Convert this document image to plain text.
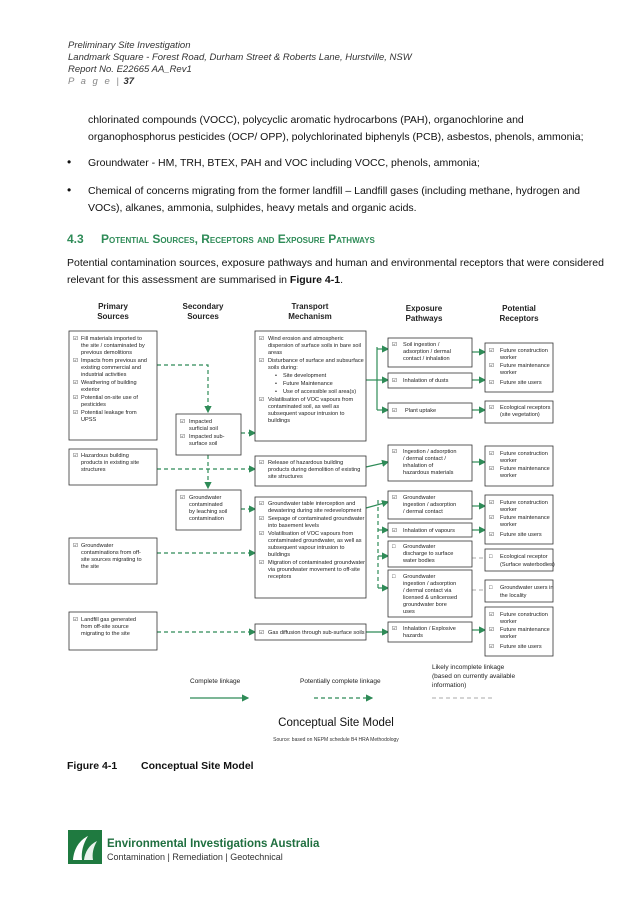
Preliminary Site Investigation
Landmark Square - Forest Road, Durham Street & Roberts Lane, Hurstville, NSW
Report No. E22665 AA_Rev1
P a g e | 37
chlorinated compounds (VOCC), polycyclic aromatic hydrocarbons (PAH), organochlorine and
organophosphorus pesticides (OCP/ OPP), polychlorinated biphenyls (PCB), asbestos, phenols, ammonia;
• Groundwater - HM, TRH, BTEX, PAH and VOC including VOCC, phenols, ammonia;
• Chemical of concerns migrating from the former landfill – Landfill gases (including methane, hydrogen and
VOCs), alkanes, ammonia, sulphides, heavy metals and organic acids.
4.3 Potential Sources, Receptors and Exposure Pathways
Potential contamination sources, exposure pathways and human and environmental receptors that were considered
relevant for this assessment are summarised in Figure 4-1.
Primary
Sources
Secondary
Sources
Transport
Mechanism
Exposure
Pathways
Potential
Receptors
☑ Fill materials imported to
the site / contaminated by
previous demolitions
☑ Impacts from previous and
existing commercial and
industrial activities
☑ Weathering of building
exterior
☑ Potential on-site use of
pesticides
☑ Potential leakage from
UPSS
☑ Hazardous building
products in existing site
structures
☑ Groundwater
contaminations from off-
site sources migrating to
the site
☑ Landfill gas generated
from off-site source
migrating to the site
☑ Impacted
surficial soil
☑ Impacted sub-
surface soil
☑ Groundwater
contaminated
by leaching soil
contamination
☑ Wind erosion and atmospheric
dispersion of surface soils in bare soil
areas
☑ Disturbance of surface and subsurface
soils during:
• Site development
• Future Maintenance
• Use of accessible soil area(s)
☑ Volatilisation of VOC vapours from
contaminated soil, as well as
subsequent vapour intrusion to
buildings
☑ Release of hazardous building
products during demolition of existing
site structures
☑ Groundwater table interception and
dewatering during site redevelopment
☑ Seepage of contaminated groundwater
into basement levels
☑ Volatilisation of VOC vapours from
contaminated groundwater, as well as
subsequent vapour intrusion to
buildings
☑ Migration of contaminated groundwater
via groundwater movement to off-site
receptors
☑ Gas diffusion through sub-surface soils
☑ Soil ingestion /
adsorption / dermal
contact / inhalation
☑ Inhalation of dusts
☑ Plant uptake
☑ Ingestion / adsorption
/ dermal contact /
inhalation of
hazardous materials
☑ Groundwater
ingestion / adsorption
/ dermal contact
☑ Inhalation of vapours
□ Groundwater
discharge to surface
water bodies
□ Groundwater
ingestion / adsorption
/ dermal contact via
licensed & unlicensed
groundwater bore
uses
☑ Inhalation / Explosive
hazards
☑ Future construction
worker
☑ Future maintenance
worker
☑ Future site users
☑ Ecological receptors
(site vegetation)
☑ Future construction
worker
☑ Future maintenance
worker
☑ Future construction
worker
☑ Future maintenance
worker
☑ Future site users
□ Ecological receptor
(Surface waterbodies)
□ Groundwater users in
the locality
☑ Future construction
worker
☑ Future maintenance
worker
☑ Future site users
Complete linkage	Potentially complete linkage
Likely incomplete linkage
(based on currently available
information)
Conceptual Site Model
Source: based on NEPM schedule B4 HRA Methodology
Figure 4-1 Conceptual Site Model
Environmental Investigations Australia
Contamination | Remediation | Geotechnical
